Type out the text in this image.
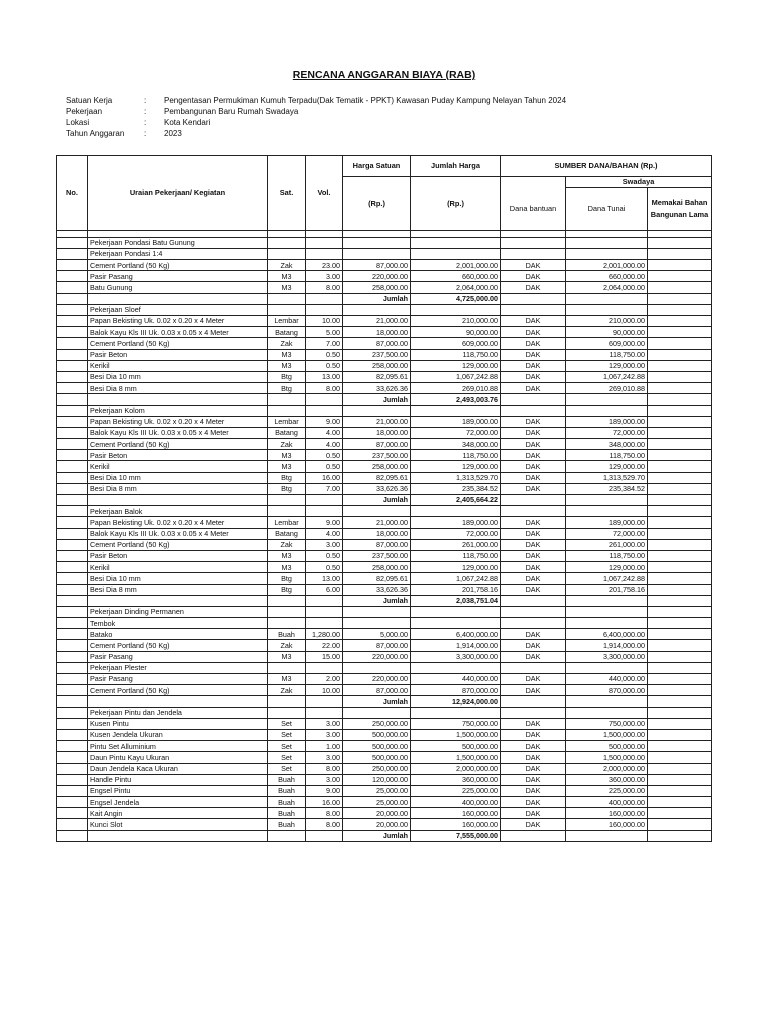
RENCANA ANGGARAN BIAYA (RAB)
Satuan Kerja	:	Pengentasan Permukiman Kumuh Terpadu(Dak Tematik - PPKT) Kawasan Puday Kampung Nelayan Tahun 2024
Pekerjaan	:	Pembangunan Baru Rumah Swadaya
Lokasi	:	Kota Kendari
Tahun Anggaran	:	2023
No.	Uraian Pekerjaan/ Kegiatan	Sat.	Vol.	Harga Satuan	Jumlah Harga	SUMBER DANA/BAHAN (Rp.)		
				(Rp.)	(Rp.)		Swadaya	
						Dana bantuan	Dana Tunai	Memakai Bahan Bangunan Lama

	Pekerjaan Pondasi Batu Gunung							
	Pekerjaan Pondasi 1:4							
	Cement Portland (50 Kg)	Zak	23.00	87,000.00	2,001,000.00	DAK	2,001,000.00	
	Pasir Pasang	M3	3.00	220,000.00	660,000.00	DAK	660,000.00	
	Batu Gunung	M3	8.00	258,000.00	2,064,000.00	DAK	2,064,000.00	
				Jumlah	4,725,000.00			
	Pekerjaan Sloef							
	Papan Bekisting Uk. 0.02 x 0.20 x 4 Meter	Lembar	10.00	21,000.00	210,000.00	DAK	210,000.00	
	Balok Kayu Kls III Uk. 0.03 x 0.05 x 4 Meter	Batang	5.00	18,000.00	90,000.00	DAK	90,000.00	
	Cement Portland (50 Kg)	Zak	7.00	87,000.00	609,000.00	DAK	609,000.00	
	Pasir Beton	M3	0.50	237,500.00	118,750.00	DAK	118,750.00	
	Kerikil	M3	0.50	258,000.00	129,000.00	DAK	129,000.00	
	Besi Dia 10 mm	Btg	13.00	82,095.61	1,067,242.88	DAK	1,067,242.88	
	Besi Dia 8 mm	Btg	8.00	33,626.36	269,010.88	DAK	269,010.88	
				Jumlah	2,493,003.76			
	Pekerjaan Kolom							
	Papan Bekisting Uk. 0.02 x 0.20 x 4 Meter	Lembar	9.00	21,000.00	189,000.00	DAK	189,000.00	
	Balok Kayu Kls III Uk. 0.03 x 0.05 x 4 Meter	Batang	4.00	18,000.00	72,000.00	DAK	72,000.00	
	Cement Portland (50 Kg)	Zak	4.00	87,000.00	348,000.00	DAK	348,000.00	
	Pasir Beton	M3	0.50	237,500.00	118,750.00	DAK	118,750.00	
	Kerikil	M3	0.50	258,000.00	129,000.00	DAK	129,000.00	
	Besi Dia 10 mm	Btg	16.00	82,095.61	1,313,529.70	DAK	1,313,529.70	
	Besi Dia 8 mm	Btg	7.00	33,626.36	235,384.52	DAK	235,384.52	
				Jumlah	2,405,664.22			
	Pekerjaan Balok							
	Papan Bekisting Uk. 0.02 x 0.20 x 4 Meter	Lembar	9.00	21,000.00	189,000.00	DAK	189,000.00	
	Balok Kayu Kls III Uk. 0.03 x 0.05 x 4 Meter	Batang	4.00	18,000.00	72,000.00	DAK	72,000.00	
	Cement Portland (50 Kg)	Zak	3.00	87,000.00	261,000.00	DAK	261,000.00	
	Pasir Beton	M3	0.50	237,500.00	118,750.00	DAK	118,750.00	
	Kerikil	M3	0.50	258,000.00	129,000.00	DAK	129,000.00	
	Besi Dia 10 mm	Btg	13.00	82,095.61	1,067,242.88	DAK	1,067,242.88	
	Besi Dia 8 mm	Btg	6.00	33,626.36	201,758.16	DAK	201,758.16	
				Jumlah	2,038,751.04			
	Pekerjaan Dinding Permanen							
	Tembok							
	Batako	Buah	1,280.00	5,000.00	6,400,000.00	DAK	6,400,000.00	
	Cement Portland (50 Kg)	Zak	22.00	87,000.00	1,914,000.00	DAK	1,914,000.00	
	Pasir Pasang	M3	15.00	220,000.00	3,300,000.00	DAK	3,300,000.00	
	Pekerjaan Plester							
	Pasir Pasang	M3	2.00	220,000.00	440,000.00	DAK	440,000.00	
	Cement Portland (50 Kg)	Zak	10.00	87,000.00	870,000.00	DAK	870,000.00	
				Jumlah	12,924,000.00			
	Pekerjaan Pintu dan Jendela							
	Kusen Pintu	Set	3.00	250,000.00	750,000.00	DAK	750,000.00	
	Kusen Jendela Ukuran	Set	3.00	500,000.00	1,500,000.00	DAK	1,500,000.00	
	Pintu Set Alluminium	Set	1.00	500,000.00	500,000.00	DAK	500,000.00	
	Daun Pintu Kayu Ukuran	Set	3.00	500,000.00	1,500,000.00	DAK	1,500,000.00	
	Daun Jendela Kaca Ukuran	Set	8.00	250,000.00	2,000,000.00	DAK	2,000,000.00	
	Handle Pintu	Buah	3.00	120,000.00	360,000.00	DAK	360,000.00	
	Engsel Pintu	Buah	9.00	25,000.00	225,000.00	DAK	225,000.00	
	Engsel Jendela	Buah	16.00	25,000.00	400,000.00	DAK	400,000.00	
	Kait Angin	Buah	8.00	20,000.00	160,000.00	DAK	160,000.00	
	Kunci Slot	Buah	8.00	20,000.00	160,000.00	DAK	160,000.00	
				Jumlah	7,555,000.00			
